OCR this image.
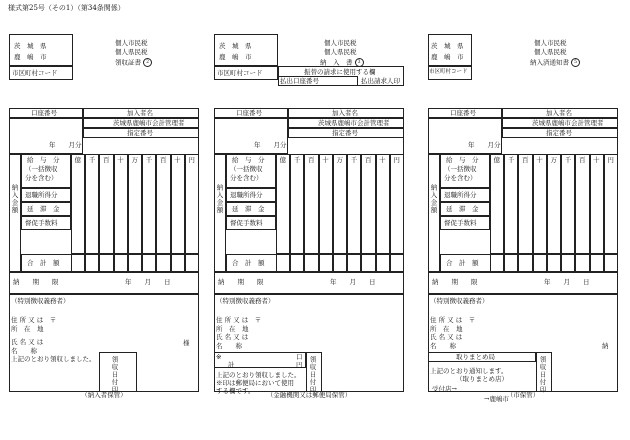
様式第25号（その1）（第34条関係）
茨　城　県
鹿　嶋　市
市区町村コード
個人市民税
個人県民税
領収証書 2
口座番号	加入者名
茨城県鹿嶋市会計管理者
指定番号
年　　月分
納入金額
給　与　分
（一括徴収
分を含む）
退職所得分
延　滞　金
督促手数料
合　計　額
納　　期　　限	年　　月　　日
（特別徴収義務者）
住 所 又 は　〒
所　在　地
氏 名 又 は
名　　称
様
上記のとおり領収しました。 領収日付印
億 千 百 十 万 千 百 十 円
（納入者保管）
茨　城　県
鹿　嶋　市
市区町村コード
個人市民税
個人県民税
納　入　書 3
振替の請求に使用する欄
払出口座番号	払出請求人印
口座番号	加入者名
茨城県鹿嶋市会計管理者
指定番号
年　　月分
納入金額
給　与　分
（一括徴収
分を含む）
退職所得分
延　滞　金
督促手数料
合　計　額
納　　期　　限	年　　月　　日
（特別徴収義務者）
住 所 又 は　〒
所　在　地
氏 名 又 は
名　　称
※	口
計	円
上記のとおり領収しました。
※印は郵便局において使用
する欄です。	領収日付印
億 千 百 十 万 千 百 十 円
（金融機関又は郵便局保管）
茨　城　県
鹿　嶋　市
市区町村コード
個人市民税
個人県民税
納入済通知書 5
口座番号	加入者名
茨城県鹿嶋市会計管理者
指定番号
年　　月分
納入金額
給　与　分
（一括徴収
分を含む）
退職所得分
延　滞　金
督促手数料
合　計　額
納　　期　　限	年　　月　　日
（特別徴収義務者）
住 所 又 は　〒
所　在　地
氏 名 又 は
名　　称	納
取りまとめ局
上記のとおり通知します。
（取りまとめ店）
受付店→
→鹿嶋市
領収日付印
億 千 百 十 万 千 百 十 円
（市保管）
